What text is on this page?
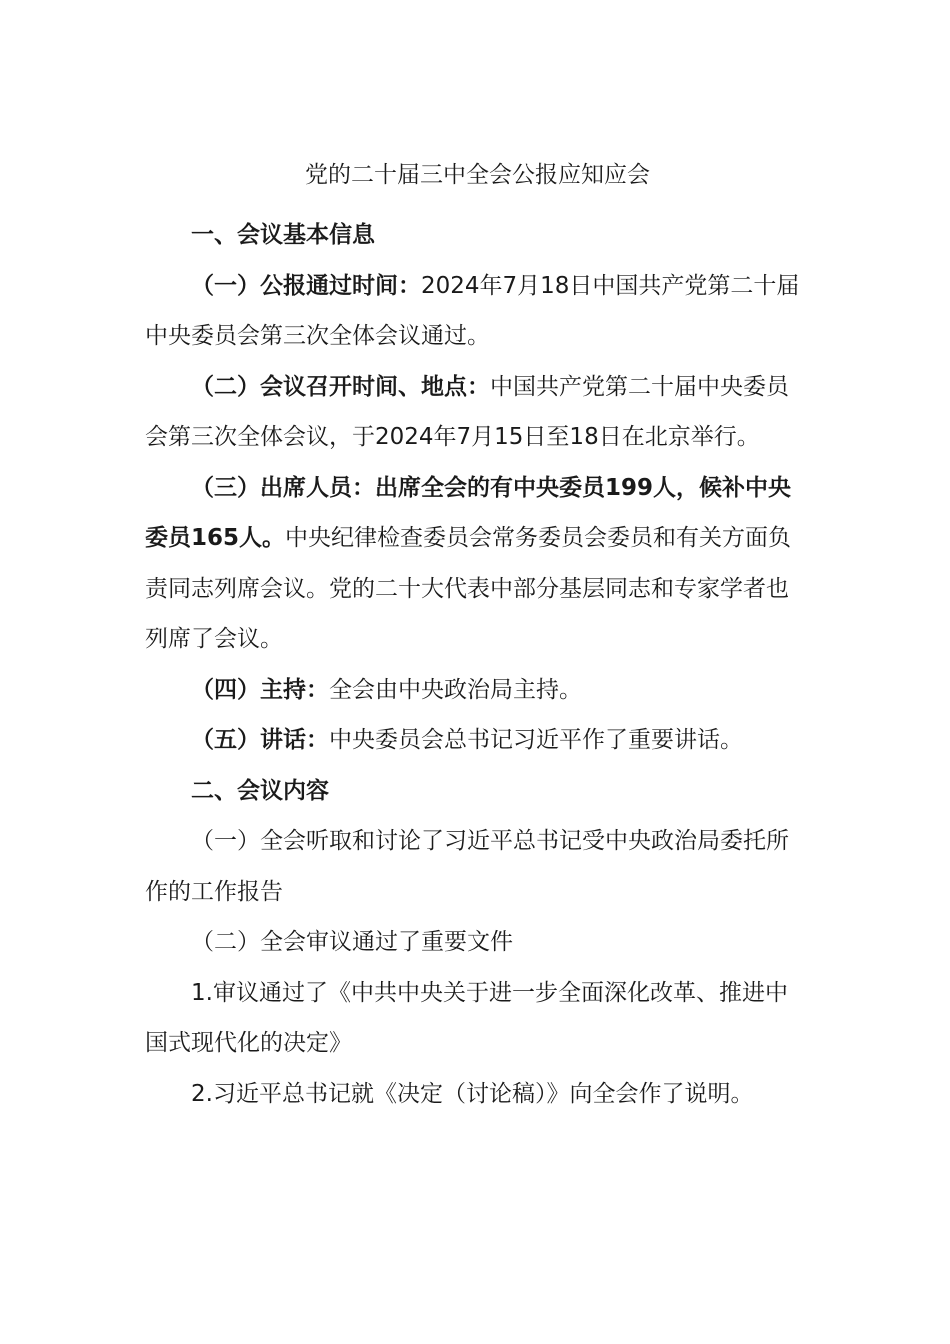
党的二十届三中全会公报应知应会

一、会议基本信息

（一）公报通过时间：2024年7月18日中国共产党第二十届中央委员会第三次全体会议通过。

（二）会议召开时间、地点：中国共产党第二十届中央委员会第三次全体会议，于2024年7月15日至18日在北京举行。

（三）出席人员：出席全会的有中央委员199人，候补中央委员165人。中央纪律检查委员会常务委员会委员和有关方面负责同志列席会议。党的二十大代表中部分基层同志和专家学者也列席了会议。

（四）主持：全会由中央政治局主持。

（五）讲话：中央委员会总书记习近平作了重要讲话。

二、会议内容

（一）全会听取和讨论了习近平总书记受中央政治局委托所作的工作报告

（二）全会审议通过了重要文件

1.审议通过了《中共中央关于进一步全面深化改革、推进中国式现代化的决定》

2.习近平总书记就《决定（讨论稿）》向全会作了说明。
